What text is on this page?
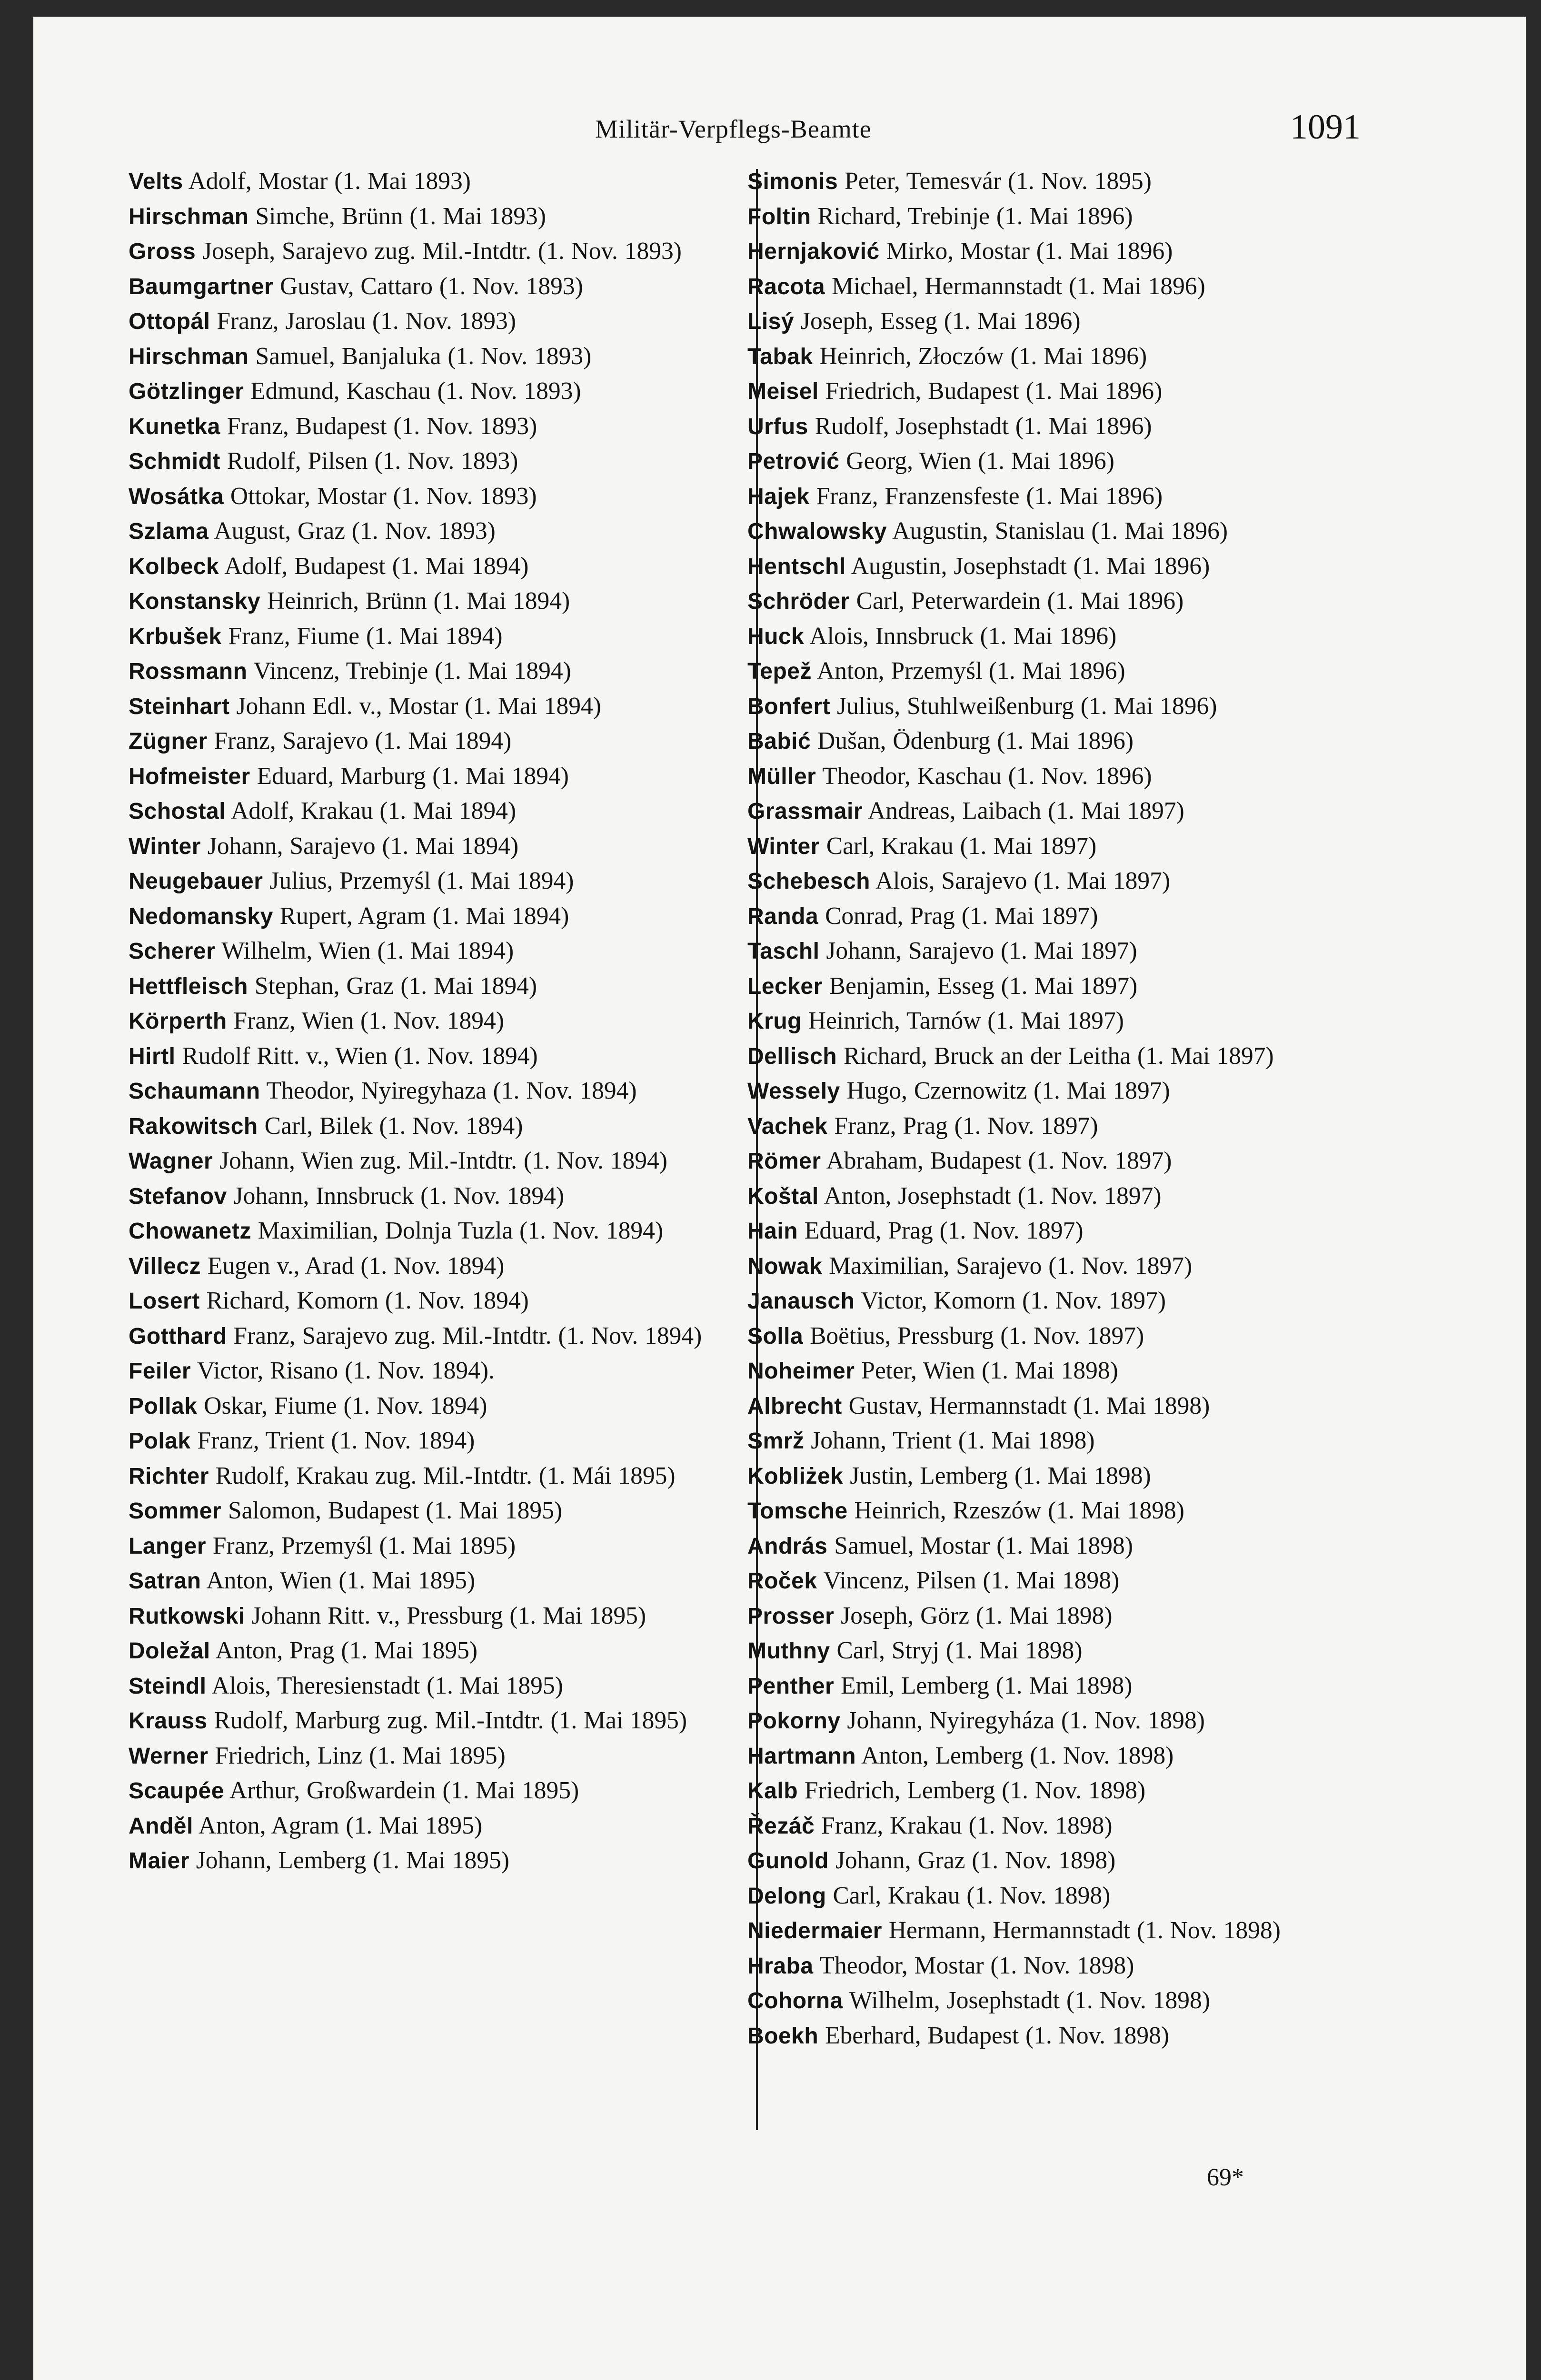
Militär-Verpflegs-Beamte	1091
Velts Adolf, Mostar (1. Mai 1893)
Hirschman Simche, Brünn (1. Mai 1893)
Gross Joseph, Sarajevo zug. Mil.-Intdtr. (1. Nov. 1893)
Baumgartner Gustav, Cattaro (1. Nov. 1893)
Ottopál Franz, Jaroslau (1. Nov. 1893)
Hirschman Samuel, Banjaluka (1. Nov. 1893)
Götzlinger Edmund, Kaschau (1. Nov. 1893)
Kunetka Franz, Budapest (1. Nov. 1893)
Schmidt Rudolf, Pilsen (1. Nov. 1893)
Wosátka Ottokar, Mostar (1. Nov. 1893)
Szlama August, Graz (1. Nov. 1893)
Kolbeck Adolf, Budapest (1. Mai 1894)
Konstansky Heinrich, Brünn (1. Mai 1894)
Krbušek Franz, Fiume (1. Mai 1894)
Rossmann Vincenz, Trebinje (1. Mai 1894)
Steinhart Johann Edl. v., Mostar (1. Mai 1894)
Zügner Franz, Sarajevo (1. Mai 1894)
Hofmeister Eduard, Marburg (1. Mai 1894)
Schostal Adolf, Krakau (1. Mai 1894)
Winter Johann, Sarajevo (1. Mai 1894)
Neugebauer Julius, Przemyśl (1. Mai 1894)
Nedomansky Rupert, Agram (1. Mai 1894)
Scherer Wilhelm, Wien (1. Mai 1894)
Hettfleisch Stephan, Graz (1. Mai 1894)
Körperth Franz, Wien (1. Nov. 1894)
Hirtl Rudolf Ritt. v., Wien (1. Nov. 1894)
Schaumann Theodor, Nyiregyhaza (1. Nov. 1894)
Rakowitsch Carl, Bilek (1. Nov. 1894)
Wagner Johann, Wien zug. Mil.-Intdtr. (1. Nov. 1894)
Stefanov Johann, Innsbruck (1. Nov. 1894)
Chowanetz Maximilian, Dolnja Tuzla (1. Nov. 1894)
Villecz Eugen v., Arad (1. Nov. 1894)
Losert Richard, Komorn (1. Nov. 1894)
Gotthard Franz, Sarajevo zug. Mil.-Intdtr. (1. Nov. 1894)
Feiler Victor, Risano (1. Nov. 1894).
Pollak Oskar, Fiume (1. Nov. 1894)
Polak Franz, Trient (1. Nov. 1894)
Richter Rudolf, Krakau zug. Mil.-Intdtr. (1. Mái 1895)
Sommer Salomon, Budapest (1. Mai 1895)
Langer Franz, Przemyśl (1. Mai 1895)
Satran Anton, Wien (1. Mai 1895)
Rutkowski Johann Ritt. v., Pressburg (1. Mai 1895)
Doležal Anton, Prag (1. Mai 1895)
Steindl Alois, Theresienstadt (1. Mai 1895)
Krauss Rudolf, Marburg zug. Mil.-Intdtr. (1. Mai 1895)
Werner Friedrich, Linz (1. Mai 1895)
Scaupée Arthur, Großwardein (1. Mai 1895)
Anděl Anton, Agram (1. Mai 1895)
Maier Johann, Lemberg (1. Mai 1895)
Simonis Peter, Temesvár (1. Nov. 1895)
Foltin Richard, Trebinje (1. Mai 1896)
Hernjaković Mirko, Mostar (1. Mai 1896)
Racota Michael, Hermannstadt (1. Mai 1896)
Lisý Joseph, Esseg (1. Mai 1896)
Tabak Heinrich, Złoczów (1. Mai 1896)
Meisel Friedrich, Budapest (1. Mai 1896)
Urfus Rudolf, Josephstadt (1. Mai 1896)
Petrović Georg, Wien (1. Mai 1896)
Hajek Franz, Franzensfeste (1. Mai 1896)
Chwalowsky Augustin, Stanislau (1. Mai 1896)
Hentschl Augustin, Josephstadt (1. Mai 1896)
Schröder Carl, Peterwardein (1. Mai 1896)
Huck Alois, Innsbruck (1. Mai 1896)
Tepež Anton, Przemyśl (1. Mai 1896)
Bonfert Julius, Stuhlweißenburg (1. Mai 1896)
Babić Dušan, Ödenburg (1. Mai 1896)
Müller Theodor, Kaschau (1. Nov. 1896)
Grassmair Andreas, Laibach (1. Mai 1897)
Winter Carl, Krakau (1. Mai 1897)
Schebesch Alois, Sarajevo (1. Mai 1897)
Randa Conrad, Prag (1. Mai 1897)
Taschl Johann, Sarajevo (1. Mai 1897)
Lecker Benjamin, Esseg (1. Mai 1897)
Krug Heinrich, Tarnów (1. Mai 1897)
Dellisch Richard, Bruck an der Leitha (1. Mai 1897)
Wessely Hugo, Czernowitz (1. Mai 1897)
Vachek Franz, Prag (1. Nov. 1897)
Römer Abraham, Budapest (1. Nov. 1897)
Koštal Anton, Josephstadt (1. Nov. 1897)
Hain Eduard, Prag (1. Nov. 1897)
Nowak Maximilian, Sarajevo (1. Nov. 1897)
Janausch Victor, Komorn (1. Nov. 1897)
Solla Boëtius, Pressburg (1. Nov. 1897)
Noheimer Peter, Wien (1. Mai 1898)
Albrecht Gustav, Hermannstadt (1. Mai 1898)
Smrž Johann, Trient (1. Mai 1898)
Kobliżek Justin, Lemberg (1. Mai 1898)
Tomsche Heinrich, Rzeszów (1. Mai 1898)
András Samuel, Mostar (1. Mai 1898)
Roček Vincenz, Pilsen (1. Mai 1898)
Prosser Joseph, Görz (1. Mai 1898)
Muthny Carl, Stryj (1. Mai 1898)
Penther Emil, Lemberg (1. Mai 1898)
Pokorny Johann, Nyiregyháza (1. Nov. 1898)
Hartmann Anton, Lemberg (1. Nov. 1898)
Kalb Friedrich, Lemberg (1. Nov. 1898)
Řezáč Franz, Krakau (1. Nov. 1898)
Gunold Johann, Graz (1. Nov. 1898)
Delong Carl, Krakau (1. Nov. 1898)
Niedermaier Hermann, Hermannstadt (1. Nov. 1898)
Hraba Theodor, Mostar (1. Nov. 1898)
Cohorna Wilhelm, Josephstadt (1. Nov. 1898)
Boekh Eberhard, Budapest (1. Nov. 1898)
69*
